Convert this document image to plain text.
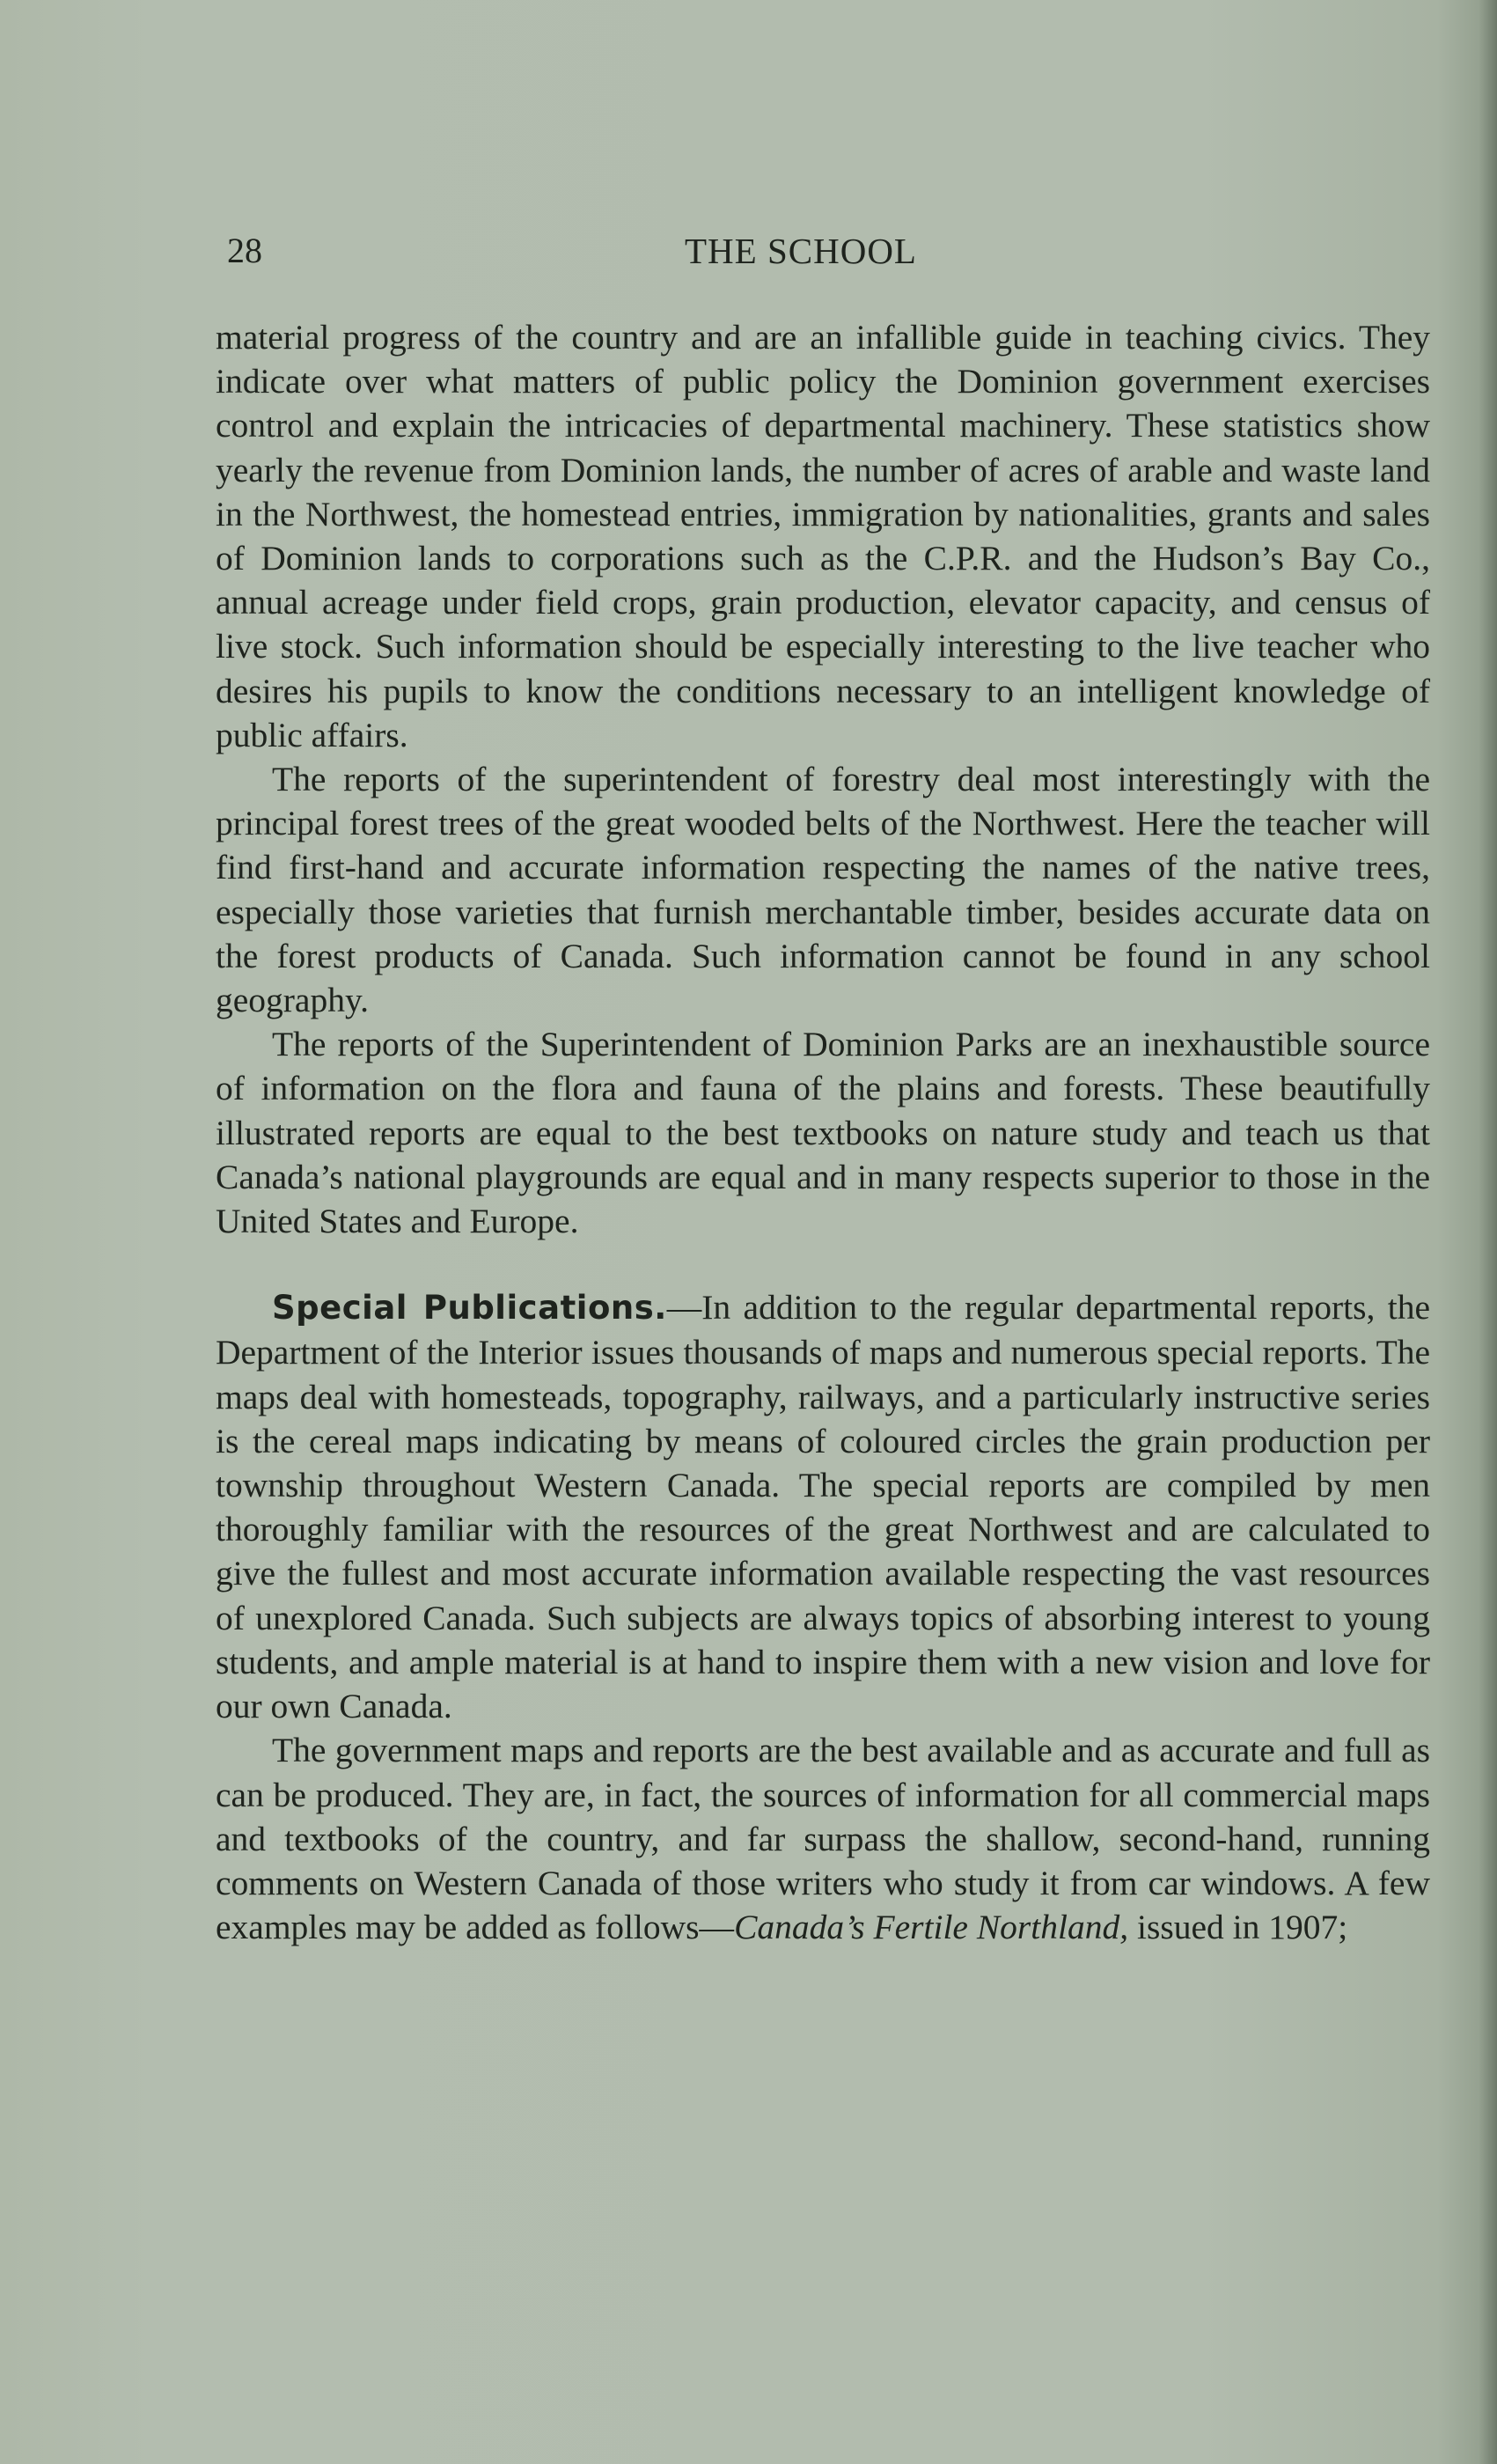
28	THE SCHOOL

material progress of the country and are an infallible guide in teaching civics. They indicate over what matters of public policy the Dominion government exercises control and explain the intricacies of departmental machinery. These statistics show yearly the revenue from Dominion lands, the number of acres of arable and waste land in the Northwest, the homestead entries, immigration by nationalities, grants and sales of Dominion lands to corporations such as the C.P.R. and the Hudson’s Bay Co., annual acreage under field crops, grain production, elevator capacity, and census of live stock. Such information should be especially interesting to the live teacher who desires his pupils to know the conditions necessary to an intelligent knowledge of public affairs.

The reports of the superintendent of forestry deal most interestingly with the principal forest trees of the great wooded belts of the Northwest. Here the teacher will find first-hand and accurate information respecting the names of the native trees, especially those varieties that furnish merchantable timber, besides accurate data on the forest products of Canada. Such information cannot be found in any school geography.

The reports of the Superintendent of Dominion Parks are an inexhaustible source of information on the flora and fauna of the plains and forests. These beautifully illustrated reports are equal to the best textbooks on nature study and teach us that Canada’s national playgrounds are equal and in many respects superior to those in the United States and Europe.

Special Publications.—In addition to the regular departmental reports, the Department of the Interior issues thousands of maps and numerous special reports. The maps deal with homesteads, topography, railways, and a particularly instructive series is the cereal maps indicating by means of coloured circles the grain production per township throughout Western Canada. The special reports are compiled by men thoroughly familiar with the resources of the great Northwest and are calculated to give the fullest and most accurate information available respecting the vast resources of unexplored Canada. Such subjects are always topics of absorbing interest to young students, and ample material is at hand to inspire them with a new vision and love for our own Canada.

The government maps and reports are the best available and as accurate and full as can be produced. They are, in fact, the sources of information for all commercial maps and textbooks of the country, and far surpass the shallow, second-hand, running comments on Western Canada of those writers who study it from car windows. A few examples may be added as follows—Canada’s Fertile Northland, issued in 1907;
